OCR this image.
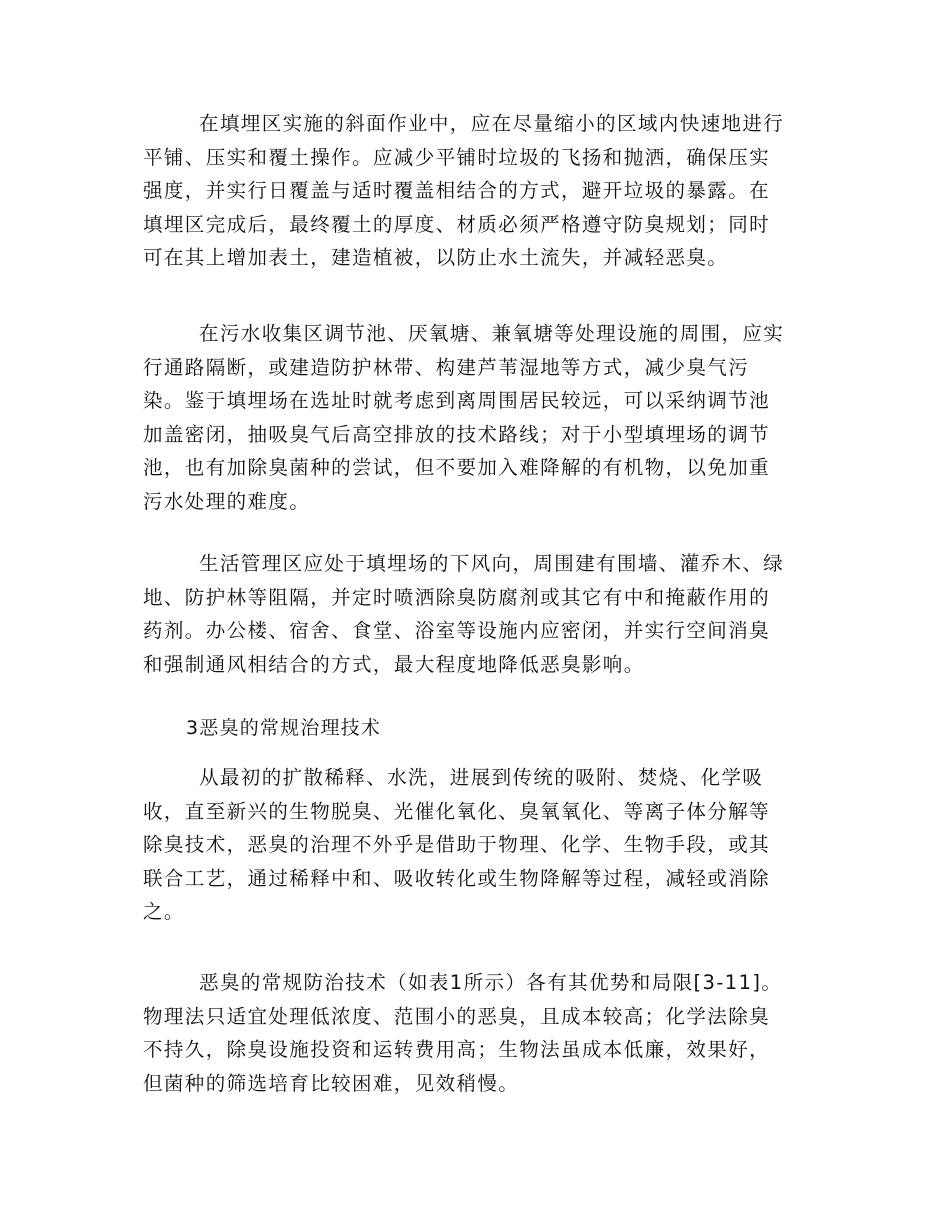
在填埋区实施的斜面作业中，应在尽量缩小的区域内快速地进行
平铺、压实和覆土操作。应减少平铺时垃圾的飞扬和抛洒，确保压实
强度，并实行日覆盖与适时覆盖相结合的方式，避开垃圾的暴露。在
填埋区完成后，最终覆土的厚度、材质必须严格遵守防臭规划；同时
可在其上增加表土，建造植被，以防止水土流失，并减轻恶臭。
在污水收集区调节池、厌氧塘、兼氧塘等处理设施的周围，应实
行通路隔断，或建造防护林带、构建芦苇湿地等方式，减少臭气污
染。鉴于填埋场在选址时就考虑到离周围居民较远，可以采纳调节池
加盖密闭，抽吸臭气后高空排放的技术路线；对于小型填埋场的调节
池，也有加除臭菌种的尝试，但不要加入难降解的有机物，以免加重
污水处理的难度。
生活管理区应处于填埋场的下风向，周围建有围墙、灌乔木、绿
地、防护林等阻隔，并定时喷洒除臭防腐剂或其它有中和掩蔽作用的
药剂。办公楼、宿舍、食堂、浴室等设施内应密闭，并实行空间消臭
和强制通风相结合的方式，最大程度地降低恶臭影响。
3恶臭的常规治理技术
从最初的扩散稀释、水洗，进展到传统的吸附、焚烧、化学吸
收，直至新兴的生物脱臭、光催化氧化、臭氧氧化、等离子体分解等
除臭技术，恶臭的治理不外乎是借助于物理、化学、生物手段，或其
联合工艺，通过稀释中和、吸收转化或生物降解等过程，减轻或消除
之。
恶臭的常规防治技术（如表1所示）各有其优势和局限[3-11]。
物理法只适宜处理低浓度、范围小的恶臭，且成本较高；化学法除臭
不持久，除臭设施投资和运转费用高；生物法虽成本低廉，效果好，
但菌种的筛选培育比较困难，见效稍慢。
